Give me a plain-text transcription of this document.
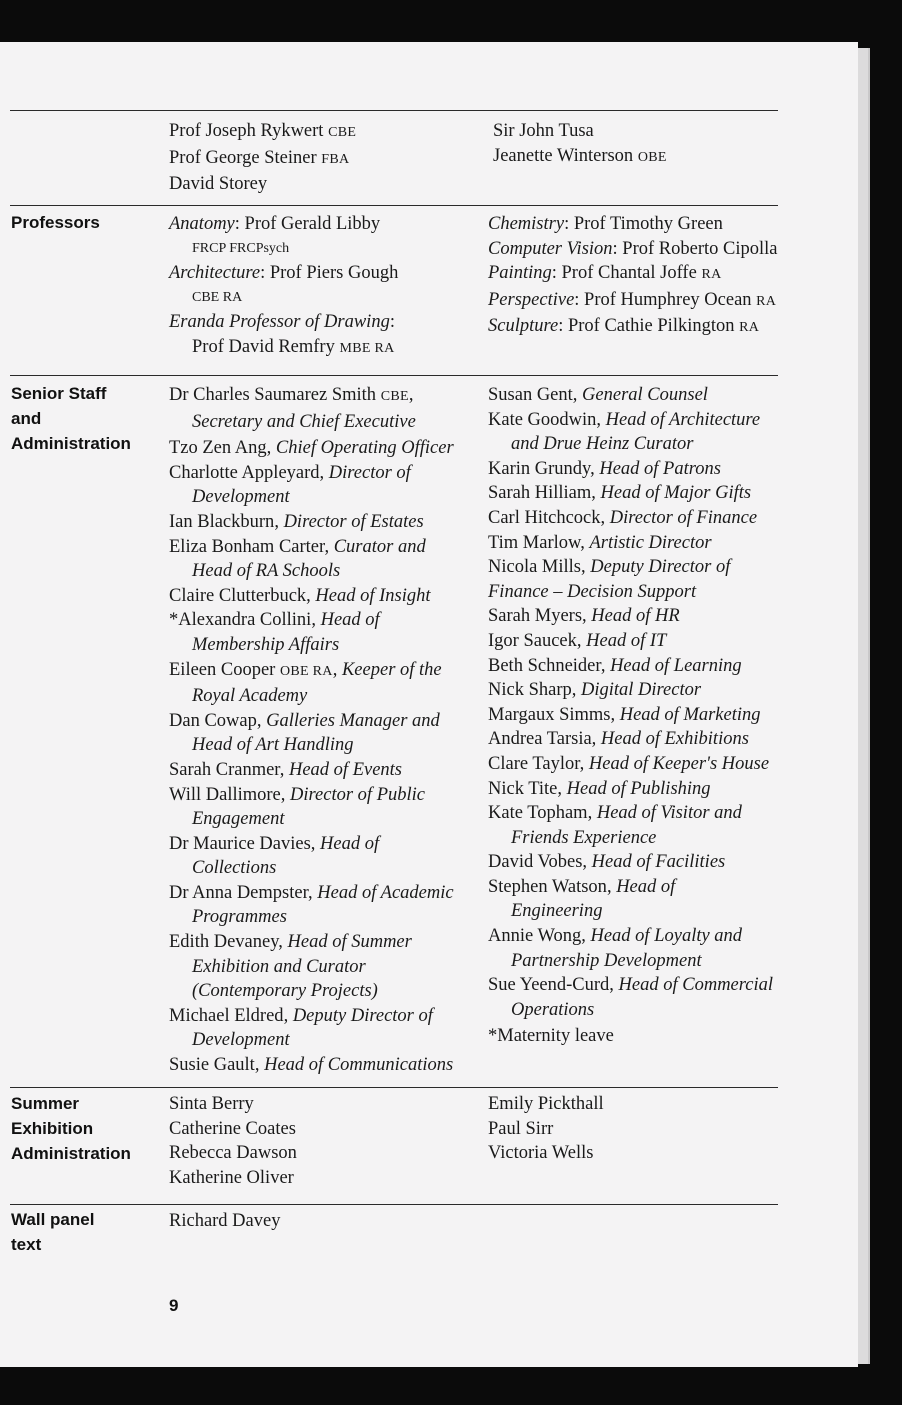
Prof Joseph Rykwert CBE
Prof George Steiner FBA
David Storey
Sir John Tusa
Jeanette Winterson OBE
Professors	Anatomy: Prof Gerald Libby
FRCP FRCPsych
Architecture: Prof Piers Gough
CBE RA
Eranda Professor of Drawing:
Prof David Remfry MBE RA
Chemistry: Prof Timothy Green
Computer Vision: Prof Roberto Cipolla
Painting: Prof Chantal Joffe RA
Perspective: Prof Humphrey Ocean RA
Sculpture: Prof Cathie Pilkington RA
Senior Staff
and
Administration
Dr Charles Saumarez Smith CBE,
Secretary and Chief Executive
Tzo Zen Ang, Chief Operating Officer
Charlotte Appleyard, Director of
Development
Ian Blackburn, Director of Estates
Eliza Bonham Carter, Curator and
Head of RA Schools
Claire Clutterbuck, Head of Insight
*Alexandra Collini, Head of
Membership Affairs
Eileen Cooper OBE RA, Keeper of the
Royal Academy
Dan Cowap, Galleries Manager and
Head of Art Handling
Sarah Cranmer, Head of Events
Will Dallimore, Director of Public
Engagement
Dr Maurice Davies, Head of
Collections
Dr Anna Dempster, Head of Academic
Programmes
Edith Devaney, Head of Summer
Exhibition and Curator
(Contemporary Projects)
Michael Eldred, Deputy Director of
Development
Susie Gault, Head of Communications
Susan Gent, General Counsel
Kate Goodwin, Head of Architecture
and Drue Heinz Curator
Karin Grundy, Head of Patrons
Sarah Hilliam, Head of Major Gifts
Carl Hitchcock, Director of Finance
Tim Marlow, Artistic Director
Nicola Mills, Deputy Director of
Finance – Decision Support
Sarah Myers, Head of HR
Igor Saucek, Head of IT
Beth Schneider, Head of Learning
Nick Sharp, Digital Director
Margaux Simms, Head of Marketing
Andrea Tarsia, Head of Exhibitions
Clare Taylor, Head of Keeper's House
Nick Tite, Head of Publishing
Kate Topham, Head of Visitor and
Friends Experience
David Vobes, Head of Facilities
Stephen Watson, Head of
Engineering
Annie Wong, Head of Loyalty and
Partnership Development
Sue Yeend-Curd, Head of Commercial
Operations
*Maternity leave
Summer
Exhibition
Administration
Sinta Berry
Catherine Coates
Rebecca Dawson
Katherine Oliver
Emily Pickthall
Paul Sirr
Victoria Wells
Wall panel
text
Richard Davey
9
